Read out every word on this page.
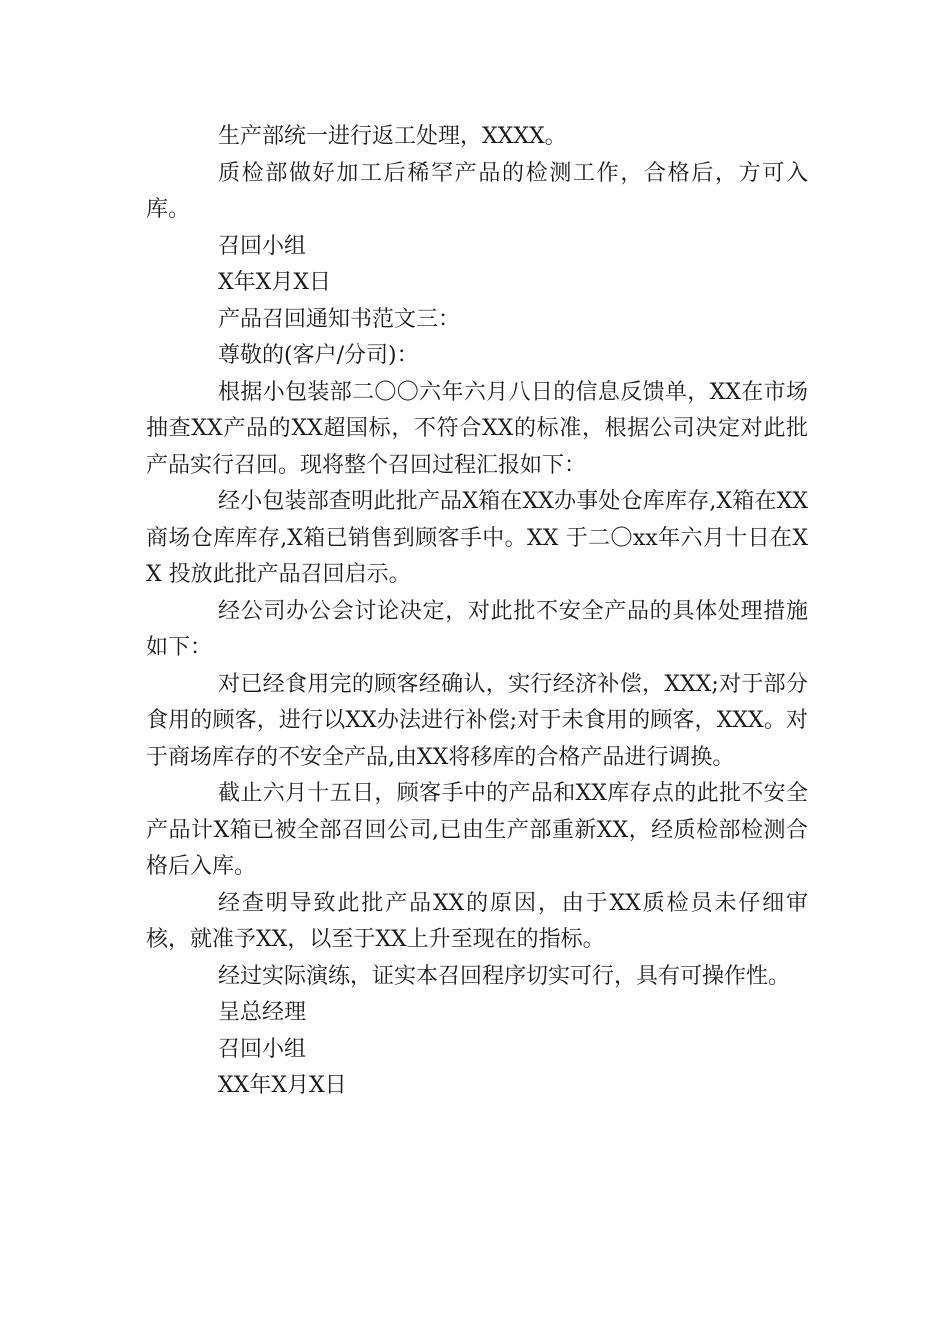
生产部统一进行返工处理，XXXX。

质检部做好加工后稀罕产品的检测工作，合格后，方可入库。

召回小组

X年X月X日

产品召回通知书范文三：

尊敬的(客户/分司)：

根据小包装部二〇〇六年六月八日的信息反馈单，XX在市场抽查XX产品的XX超国标，不符合XX的标准，根据公司决定对此批产品实行召回。现将整个召回过程汇报如下：

经小包装部查明此批产品X箱在XX办事处仓库库存,X箱在XX商场仓库库存,X箱已销售到顾客手中。XX 于二〇xx年六月十日在XX 投放此批产品召回启示。

经公司办公会讨论决定，对此批不安全产品的具体处理措施如下：

对已经食用完的顾客经确认，实行经济补偿，XXX;对于部分食用的顾客，进行以XX办法进行补偿;对于未食用的顾客，XXX。对于商场库存的不安全产品,由XX将移库的合格产品进行调换。

截止六月十五日，顾客手中的产品和XX库存点的此批不安全产品计X箱已被全部召回公司,已由生产部重新XX，经质检部检测合格后入库。

经查明导致此批产品XX的原因，由于XX质检员未仔细审核，就准予XX，以至于XX上升至现在的指标。

经过实际演练，证实本召回程序切实可行，具有可操作性。

呈总经理

召回小组

XX年X月X日
